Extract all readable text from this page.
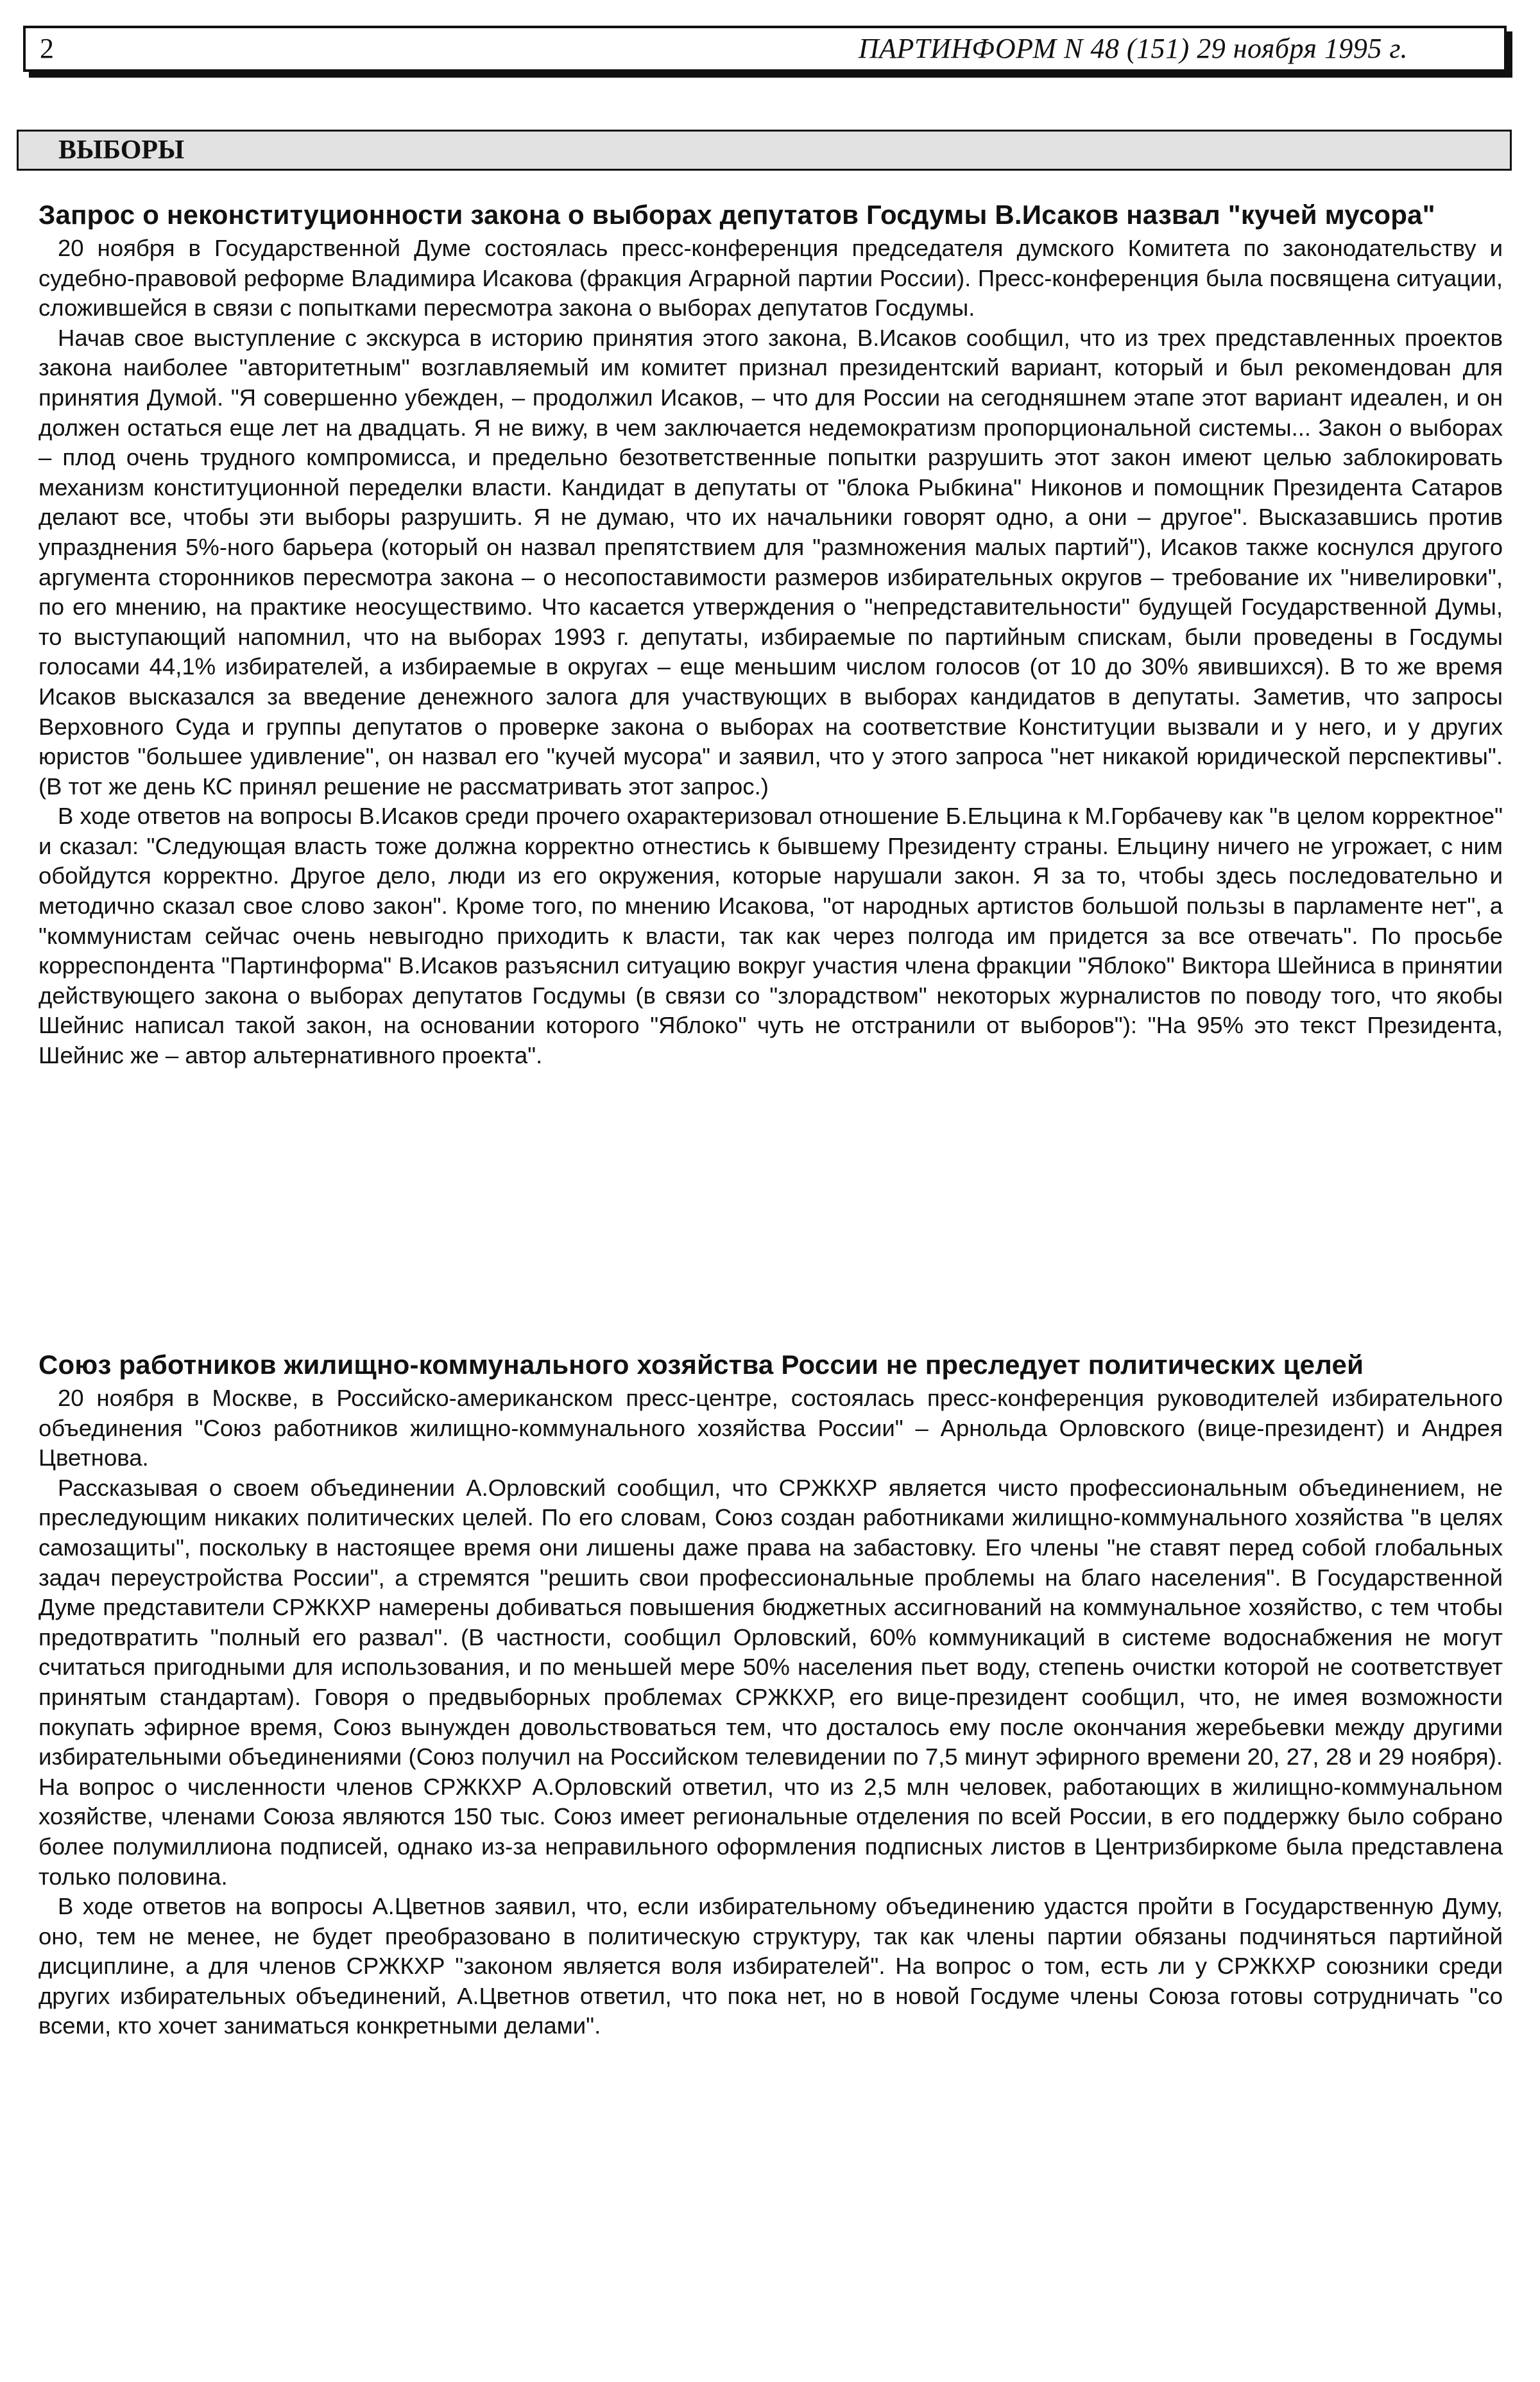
2	ПАРТИНФОРМ N 48 (151) 29 ноября 1995 г.
ВЫБОРЫ
Запрос о неконституционности закона о выборах депутатов Госдумы В.Исаков назвал "кучей мусора"

20 ноября в Государственной Думе состоялась пресс-конференция председателя думского Комитета по законодательству и судебно-правовой реформе Владимира Исакова (фракция Аграрной партии России). Пресс-конференция была посвящена ситуации, сложившейся в связи с попытками пересмотра закона о выборах депутатов Госдумы.

Начав свое выступление с экскурса в историю принятия этого закона, В.Исаков сообщил, что из трех представленных проектов закона наиболее "авторитетным" возглавляемый им комитет признал президентский вариант, который и был рекомендован для принятия Думой. "Я совершенно убежден, – продолжил Исаков, – что для России на сегодняшнем этапе этот вариант идеален, и он должен остаться еще лет на двадцать. Я не вижу, в чем заключается недемократизм пропорциональной системы... Закон о выборах – плод очень трудного компромисса, и предельно безответственные попытки разрушить этот закон имеют целью заблокировать механизм конституционной переделки власти. Кандидат в депутаты от "блока Рыбкина" Никонов и помощник Президента Сатаров делают все, чтобы эти выборы разрушить. Я не думаю, что их начальники говорят одно, а они – другое". Высказавшись против упразднения 5%-ного барьера (который он назвал препятствием для "размножения малых партий"), Исаков также коснулся другого аргумента сторонников пересмотра закона – о несопоставимости размеров избирательных округов – требование их "нивелировки", по его мнению, на практике неосуществимо. Что касается утверждения о "непредставительности" будущей Государственной Думы, то выступающий напомнил, что на выборах 1993 г. депутаты, избираемые по партийным спискам, были проведены в Госдумы голосами 44,1% избирателей, а избираемые в округах – еще меньшим числом голосов (от 10 до 30% явившихся). В то же время Исаков высказался за введение денежного залога для участвующих в выборах кандидатов в депутаты. Заметив, что запросы Верховного Суда и группы депутатов о проверке закона о выборах на соответствие Конституции вызвали и у него, и у других юристов "большее удивление", он назвал его "кучей мусора" и заявил, что у этого запроса "нет никакой юридической перспективы". (В тот же день КС принял решение не рассматривать этот запрос.)

В ходе ответов на вопросы В.Исаков среди прочего охарактеризовал отношение Б.Ельцина к М.Горбачеву как "в целом корректное" и сказал: "Следующая власть тоже должна корректно отнестись к бывшему Президенту страны. Ельцину ничего не угрожает, с ним обойдутся корректно. Другое дело, люди из его окружения, которые нарушали закон. Я за то, чтобы здесь последовательно и методично сказал свое слово закон". Кроме того, по мнению Исакова, "от народных артистов большой пользы в парламенте нет", а "коммунистам сейчас очень невыгодно приходить к власти, так как через полгода им придется за все отвечать". По просьбе корреспондента "Партинформа" В.Исаков разъяснил ситуацию вокруг участия члена фракции "Яблоко" Виктора Шейниса в принятии действующего закона о выборах депутатов Госдумы (в связи со "злорадством" некоторых журналистов по поводу того, что якобы Шейнис написал такой закон, на основании которого "Яблоко" чуть не отстранили от выборов"): "На 95% это текст Президента, Шейнис же – автор альтернативного проекта".

Союз работников жилищно-коммунального хозяйства России не преследует политических целей

20 ноября в Москве, в Российско-американском пресс-центре, состоялась пресс-конференция руководителей избирательного объединения "Союз работников жилищно-коммунального хозяйства России" – Арнольда Орловского (вице-президент) и Андрея Цветнова.

Рассказывая о своем объединении А.Орловский сообщил, что СРЖКХР является чисто профессиональным объединением, не преследующим никаких политических целей. По его словам, Союз создан работниками жилищно-коммунального хозяйства "в целях самозащиты", поскольку в настоящее время они лишены даже права на забастовку. Его члены "не ставят перед собой глобальных задач переустройства России", а стремятся "решить свои профессиональные проблемы на благо населения". В Государственной Думе представители СРЖКХР намерены добиваться повышения бюджетных ассигнований на коммунальное хозяйство, с тем чтобы предотвратить "полный его развал". (В частности, сообщил Орловский, 60% коммуникаций в системе водоснабжения не могут считаться пригодными для использования, и по меньшей мере 50% населения пьет воду, степень очистки которой не соответствует принятым стандартам). Говоря о предвыборных проблемах СРЖКХР, его вице-президент сообщил, что, не имея возможности покупать эфирное время, Союз вынужден довольствоваться тем, что досталось ему после окончания жеребьевки между другими избирательными объединениями (Союз получил на Российском телевидении по 7,5 минут эфирного времени 20, 27, 28 и 29 ноября). На вопрос о численности членов СРЖКХР А.Орловский ответил, что из 2,5 млн человек, работающих в жилищно-коммунальном хозяйстве, членами Союза являются 150 тыс. Союз имеет региональные отделения по всей России, в его поддержку было собрано более полумиллиона подписей, однако из-за неправильного оформления подписных листов в Центризбиркоме была представлена только половина.

В ходе ответов на вопросы А.Цветнов заявил, что, если избирательному объединению удастся пройти в Государственную Думу, оно, тем не менее, не будет преобразовано в политическую структуру, так как члены партии обязаны подчиняться партийной дисциплине, а для членов СРЖКХР "законом является воля избирателей". На вопрос о том, есть ли у СРЖКХР союзники среди других избирательных объединений, А.Цветнов ответил, что пока нет, но в новой Госдуме члены Союза готовы сотрудничать "со всеми, кто хочет заниматься конкретными делами".
